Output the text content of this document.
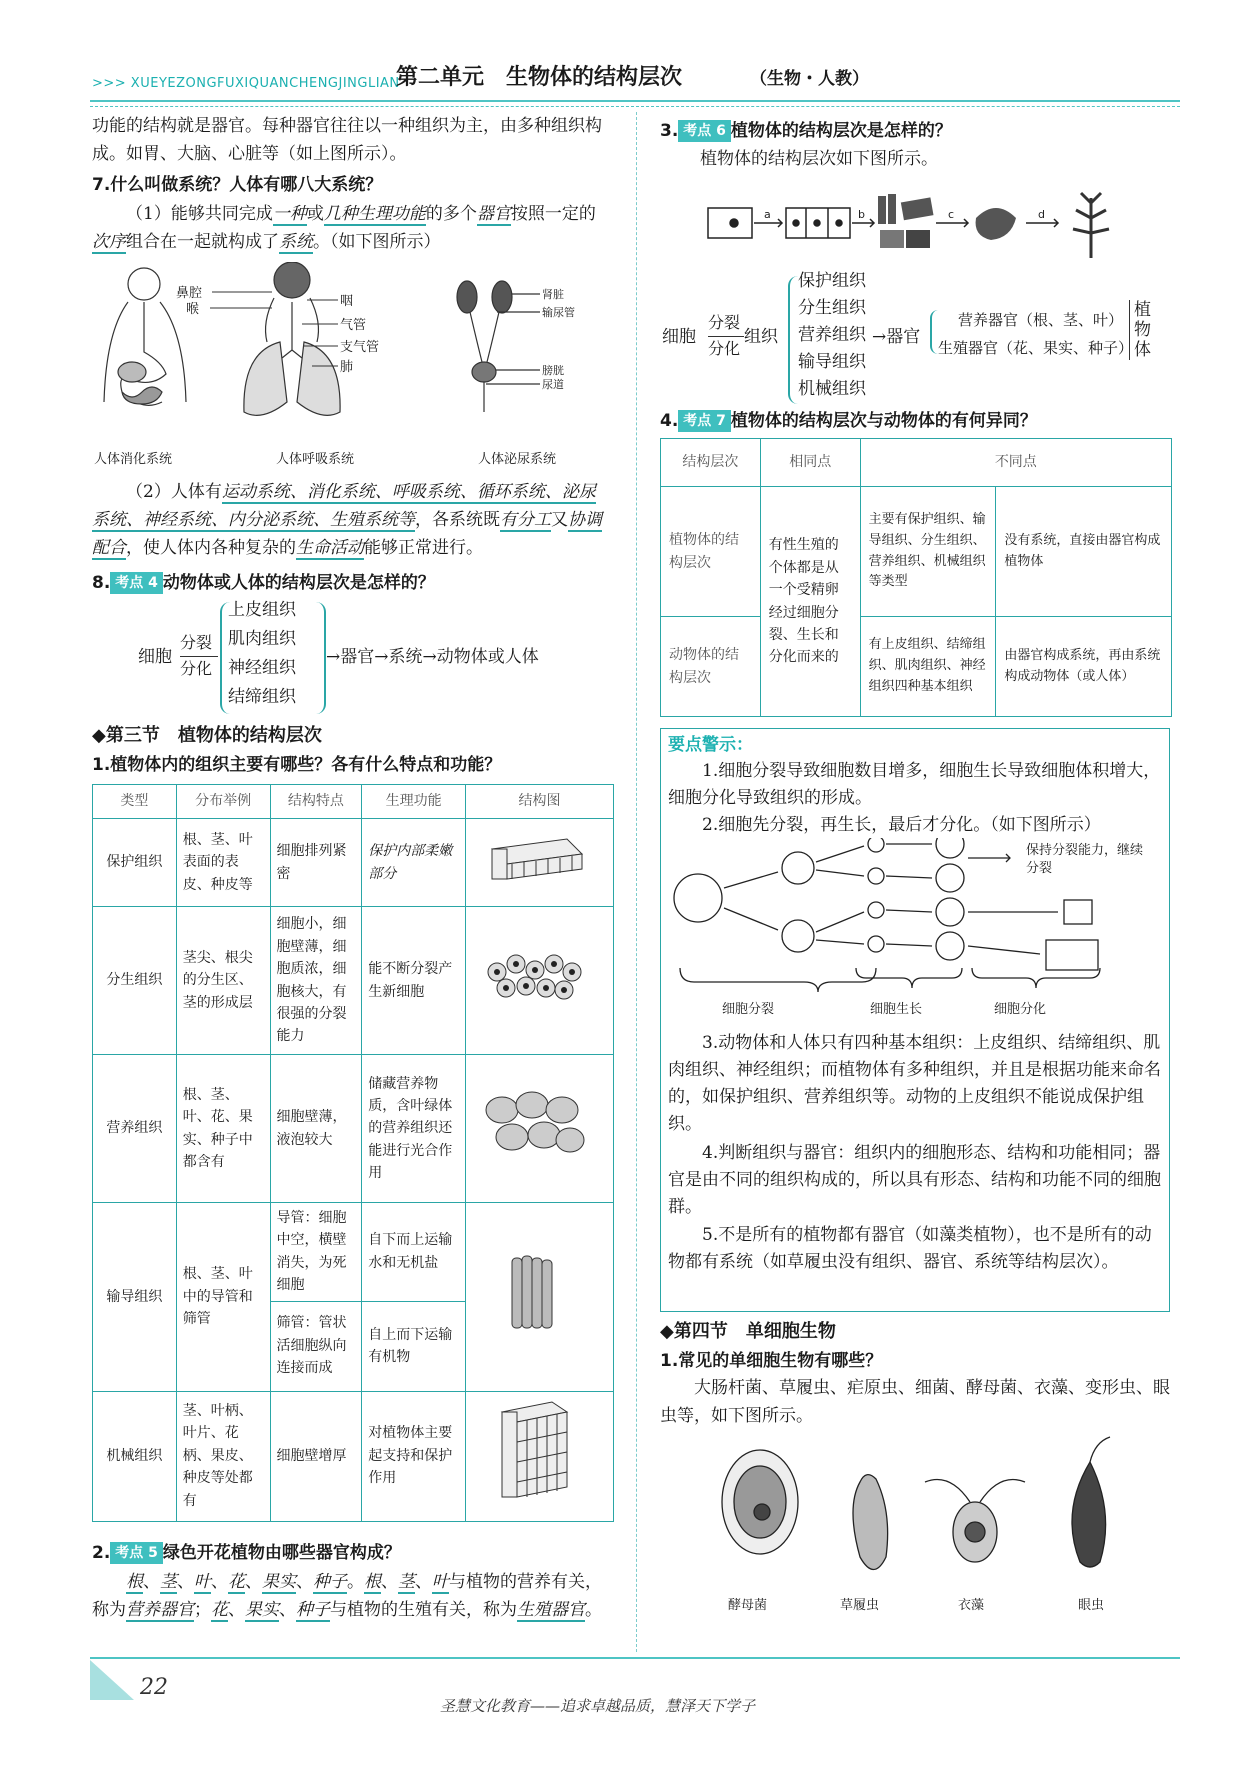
>>> XUEYEZONGFUXIQUANCHENGJINGLIAN
第二单元　生物体的结构层次	（生物・人教）
功能的结构就是器官。每种器官往往以一种组织为主，由多种组织构成。如胃、大脑、心脏等（如上图所示）。
7.什么叫做系统？人体有哪八大系统？
（1）能够共同完成一种或几种生理功能的多个器官按照一定的次序组合在一起就构成了系统。（如下图所示）
鼻腔
喉
咽
气管
支气管
肺
肾脏
输尿管
膀胱
尿道
人体消化系统	人体呼吸系统	人体泌尿系统
（2）人体有运动系统、消化系统、呼吸系统、循环系统、泌尿系统、神经系统、内分泌系统、生殖系统等，各系统既有分工又协调配合，使人体内各种复杂的生命活动能够正常进行。
8. 考点 4 动物体或人体的结构层次是怎样的？
细胞
分裂
分化
上皮组织
肌肉组织
神经组织
结缔组织
→器官→系统→动物体或人体
◆第三节　植物体的结构层次
1.植物体内的组织主要有哪些？各有什么特点和功能？
类型	分布举例	结构特点	生理功能	结构图
保护组织	根、茎、叶表面的表皮、种皮等	细胞排列紧密	保护内部柔嫩部分	
分生组织	茎尖、根尖的分生区、茎的形成层	细胞小，细胞壁薄，细胞质浓，细胞核大，有很强的分裂能力	能不断分裂产生新细胞	
营养组织	根、茎、叶、花、果实、种子中都含有	细胞壁薄，液泡较大	储藏营养物质，含叶绿体的营养组织还能进行光合作用	
输导组织	根、茎、叶中的导管和筛管	导管：细胞中空，横壁消失，为死细胞	自下而上运输水和无机盐	
		筛管：管状活细胞纵向连接而成	自上而下运输有机物	
机械组织	茎、叶柄、叶片、花柄、果皮、种皮等处都有	细胞壁增厚	对植物体主要起支持和保护作用	
2. 考点 5 绿色开花植物由哪些器官构成？
根、茎、叶、花、果实、种子。根、茎、叶与植物的营养有关，称为营养器官；花、果实、种子与植物的生殖有关，称为生殖器官。
3. 考点 6 植物体的结构层次是怎样的？
植物体的结构层次如下图所示。
a	b	c	d
细胞
分裂
分化
组织
保护组织
分生组织
营养组织
输导组织
机械组织
→器官
营养器官（根、茎、叶）
生殖器官（花、果实、种子）
植物体
4. 考点 7 植物体的结构层次与动物体的有何异同？
结构层次	相同点	不同点	
植物体的结构层次	有性生殖的个体都是从一个受精卵经过细胞分裂、生长和分化而来的	主要有保护组织、输导组织、分生组织、营养组织、机械组织等类型	没有系统，直接由器官构成植物体
动物体的结构层次		有上皮组织、结缔组织、肌肉组织、神经组织四种基本组织	由器官构成系统，再由系统构成动物体（或人体）
要点警示：
1.细胞分裂导致细胞数目增多，细胞生长导致细胞体积增大，细胞分化导致组织的形成。
2.细胞先分裂，再生长，最后才分化。（如下图所示）
保持分裂能力，继续分裂
细胞分裂	细胞生长	细胞分化
3.动物体和人体只有四种基本组织：上皮组织、结缔组织、肌肉组织、神经组织；而植物体有多种组织，并且是根据功能来命名的，如保护组织、营养组织等。动物的上皮组织不能说成保护组织。
4.判断组织与器官：组织内的细胞形态、结构和功能相同；器官是由不同的组织构成的，所以具有形态、结构和功能不同的细胞群。
5.不是所有的植物都有器官（如藻类植物），也不是所有的动物都有系统（如草履虫没有组织、器官、系统等结构层次）。
◆第四节　单细胞生物
1.常见的单细胞生物有哪些？
大肠杆菌、草履虫、疟原虫、细菌、酵母菌、衣藻、变形虫、眼虫等，如下图所示。
酵母菌	草履虫	衣藻	眼虫
22
圣慧文化教育——追求卓越品质，慧泽天下学子
